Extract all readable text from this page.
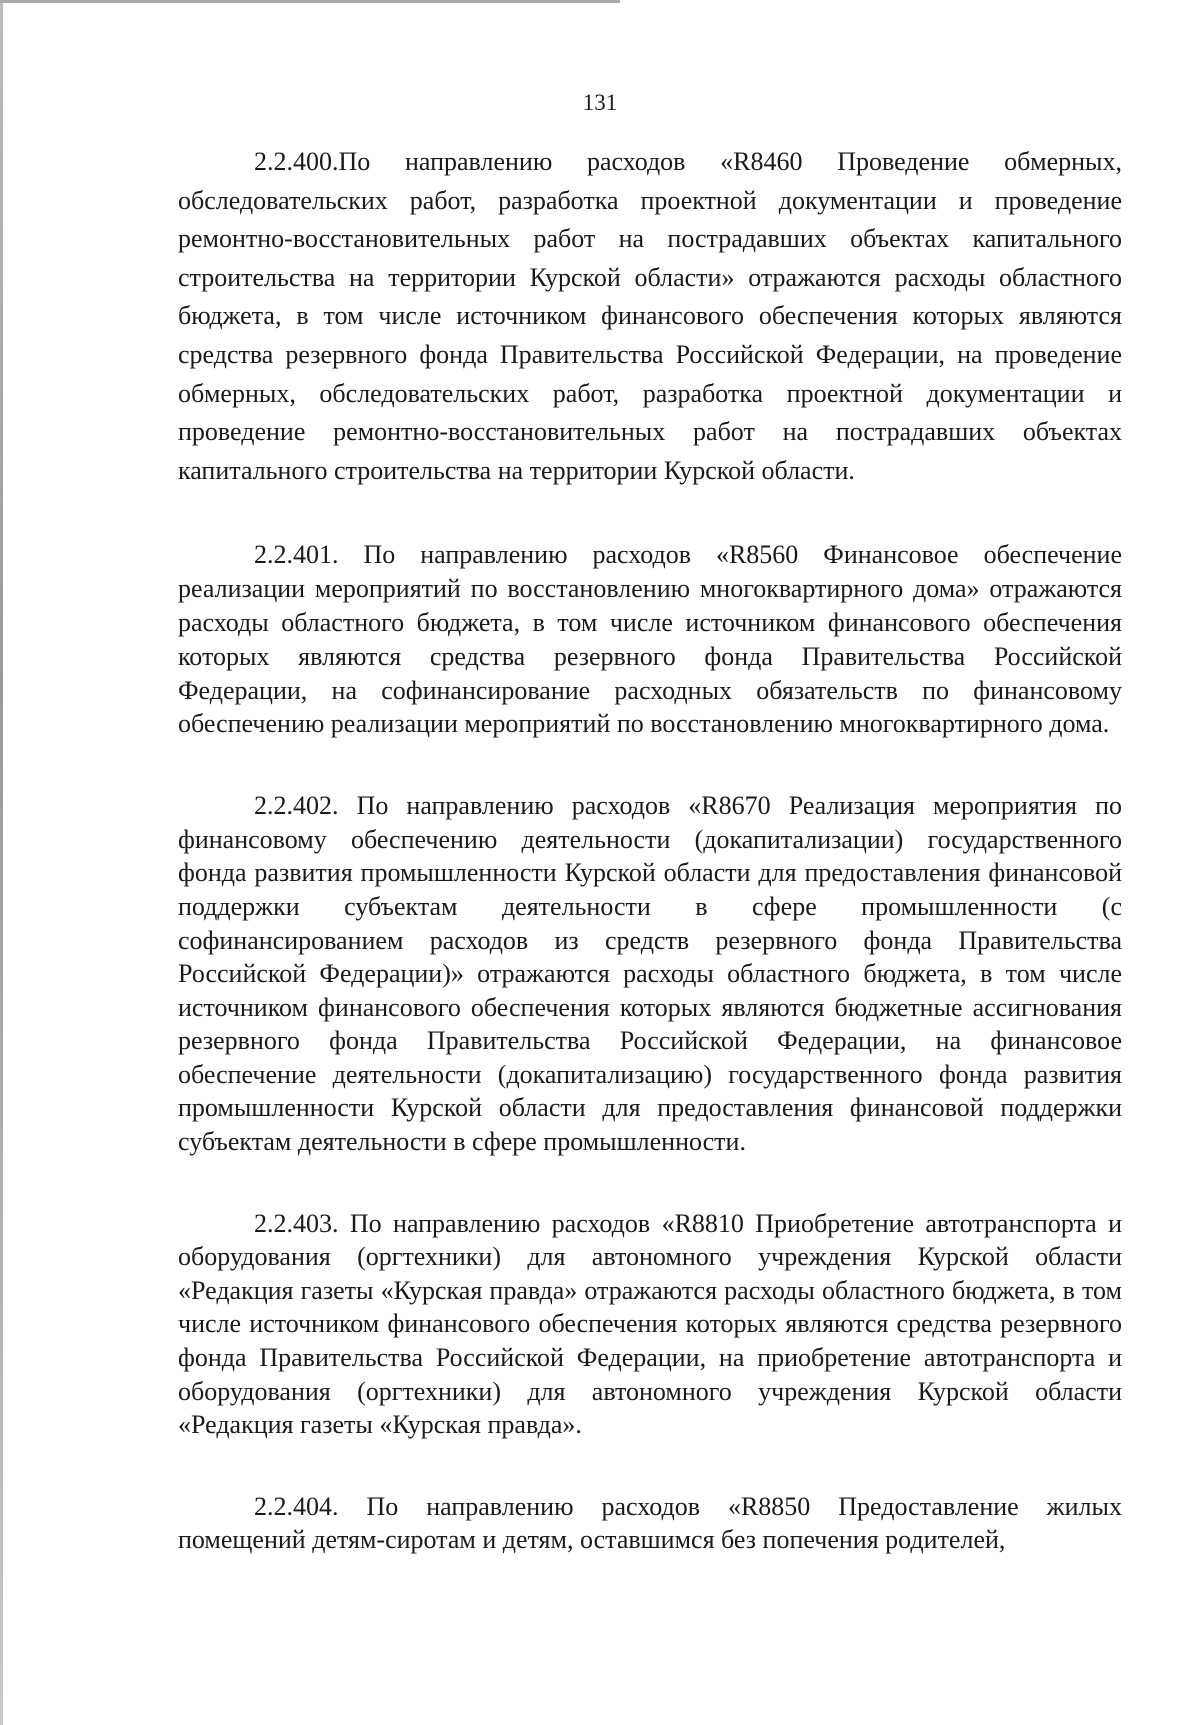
131

2.2.400.По направлению расходов «R8460 Проведение обмерных, обследовательских работ, разработка проектной документации и проведение ремонтно-восстановительных работ на пострадавших объектах капитального строительства на территории Курской области» отражаются расходы областного бюджета, в том числе источником финансового обеспечения которых являются средства резервного фонда Правительства Российской Федерации, на проведение обмерных, обследовательских работ, разработка проектной документации и проведение ремонтно-восстановительных работ на пострадавших объектах капитального строительства на территории Курской области.

2.2.401. По направлению расходов «R8560 Финансовое обеспечение реализации мероприятий по восстановлению многоквартирного дома» отражаются расходы областного бюджета, в том числе источником финансового обеспечения которых являются средства резервного фонда Правительства Российской Федерации, на софинансирование расходных обязательств по финансовому обеспечению реализации мероприятий по восстановлению многоквартирного дома.

2.2.402. По направлению расходов «R8670 Реализация мероприятия по финансовому обеспечению деятельности (докапитализации) государственного фонда развития промышленности Курской области для предоставления финансовой поддержки субъектам деятельности в сфере промышленности (с софинансированием расходов из средств резервного фонда Правительства Российской Федерации)» отражаются расходы областного бюджета, в том числе источником финансового обеспечения которых являются бюджетные ассигнования резервного фонда Правительства Российской Федерации, на финансовое обеспечение деятельности (докапитализацию) государственного фонда развития промышленности Курской области для предоставления финансовой поддержки субъектам деятельности в сфере промышленности.

2.2.403. По направлению расходов «R8810 Приобретение автотранспорта и оборудования (оргтехники) для автономного учреждения Курской области «Редакция газеты «Курская правда» отражаются расходы областного бюджета, в том числе источником финансового обеспечения которых являются средства резервного фонда Правительства Российской Федерации, на приобретение автотранспорта и оборудования (оргтехники) для автономного учреждения Курской области «Редакция газеты «Курская правда».

2.2.404. По направлению расходов «R8850 Предоставление жилых помещений детям-сиротам и детям, оставшимся без попечения родителей,
